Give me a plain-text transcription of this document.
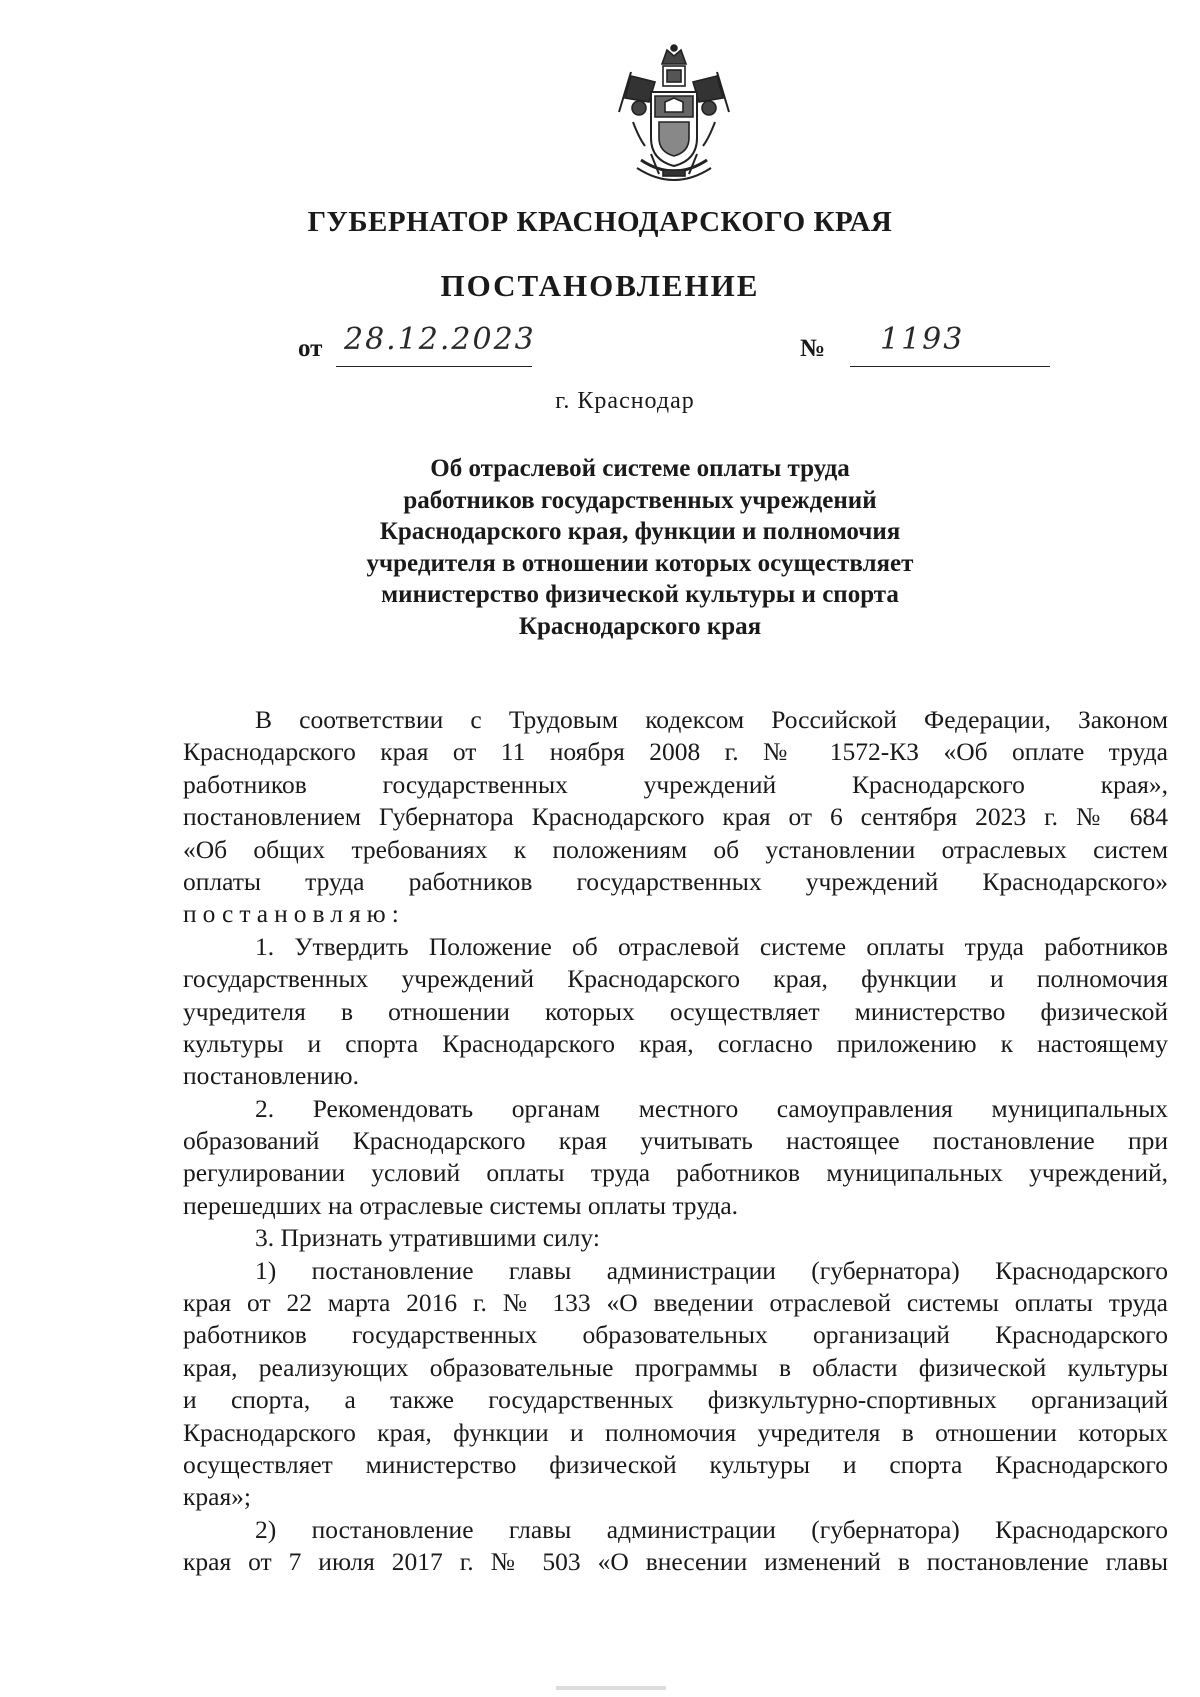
ГУБЕРНАТОР КРАСНОДАРСКОГО КРАЯ
ПОСТАНОВЛЕНИЕ
от 28.12.2023	№ 1193
г. Краснодар
Об отраслевой системе оплаты труда
работников государственных учреждений
Краснодарского края, функции и полномочия
учредителя в отношении которых осуществляет
министерство физической культуры и спорта
Краснодарского края
В соответствии с Трудовым кодексом Российской Федерации, Законом
Краснодарского края от 11 ноября 2008 г. № 1572-КЗ «Об оплате труда
работников государственных учреждений Краснодарского края»,
постановлением Губернатора Краснодарского края от 6 сентября 2023 г. № 684
«Об общих требованиях к положениям об установлении отраслевых систем
оплаты труда работников государственных учреждений Краснодарского»
постановляю:
1. Утвердить Положение об отраслевой системе оплаты труда работников
государственных учреждений Краснодарского края, функции и полномочия
учредителя в отношении которых осуществляет министерство физической
культуры и спорта Краснодарского края, согласно приложению к настоящему
постановлению.
2. Рекомендовать органам местного самоуправления муниципальных
образований Краснодарского края учитывать настоящее постановление при
регулировании условий оплаты труда работников муниципальных учреждений,
перешедших на отраслевые системы оплаты труда.
3. Признать утратившими силу:
1) постановление главы администрации (губернатора) Краснодарского
края от 22 марта 2016 г. № 133 «О введении отраслевой системы оплаты труда
работников государственных образовательных организаций Краснодарского
края, реализующих образовательные программы в области физической культуры
и спорта, а также государственных физкультурно-спортивных организаций
Краснодарского края, функции и полномочия учредителя в отношении которых
осуществляет министерство физической культуры и спорта Краснодарского
края»;
2) постановление главы администрации (губернатора) Краснодарского
края от 7 июля 2017 г. № 503 «О внесении изменений в постановление главы
